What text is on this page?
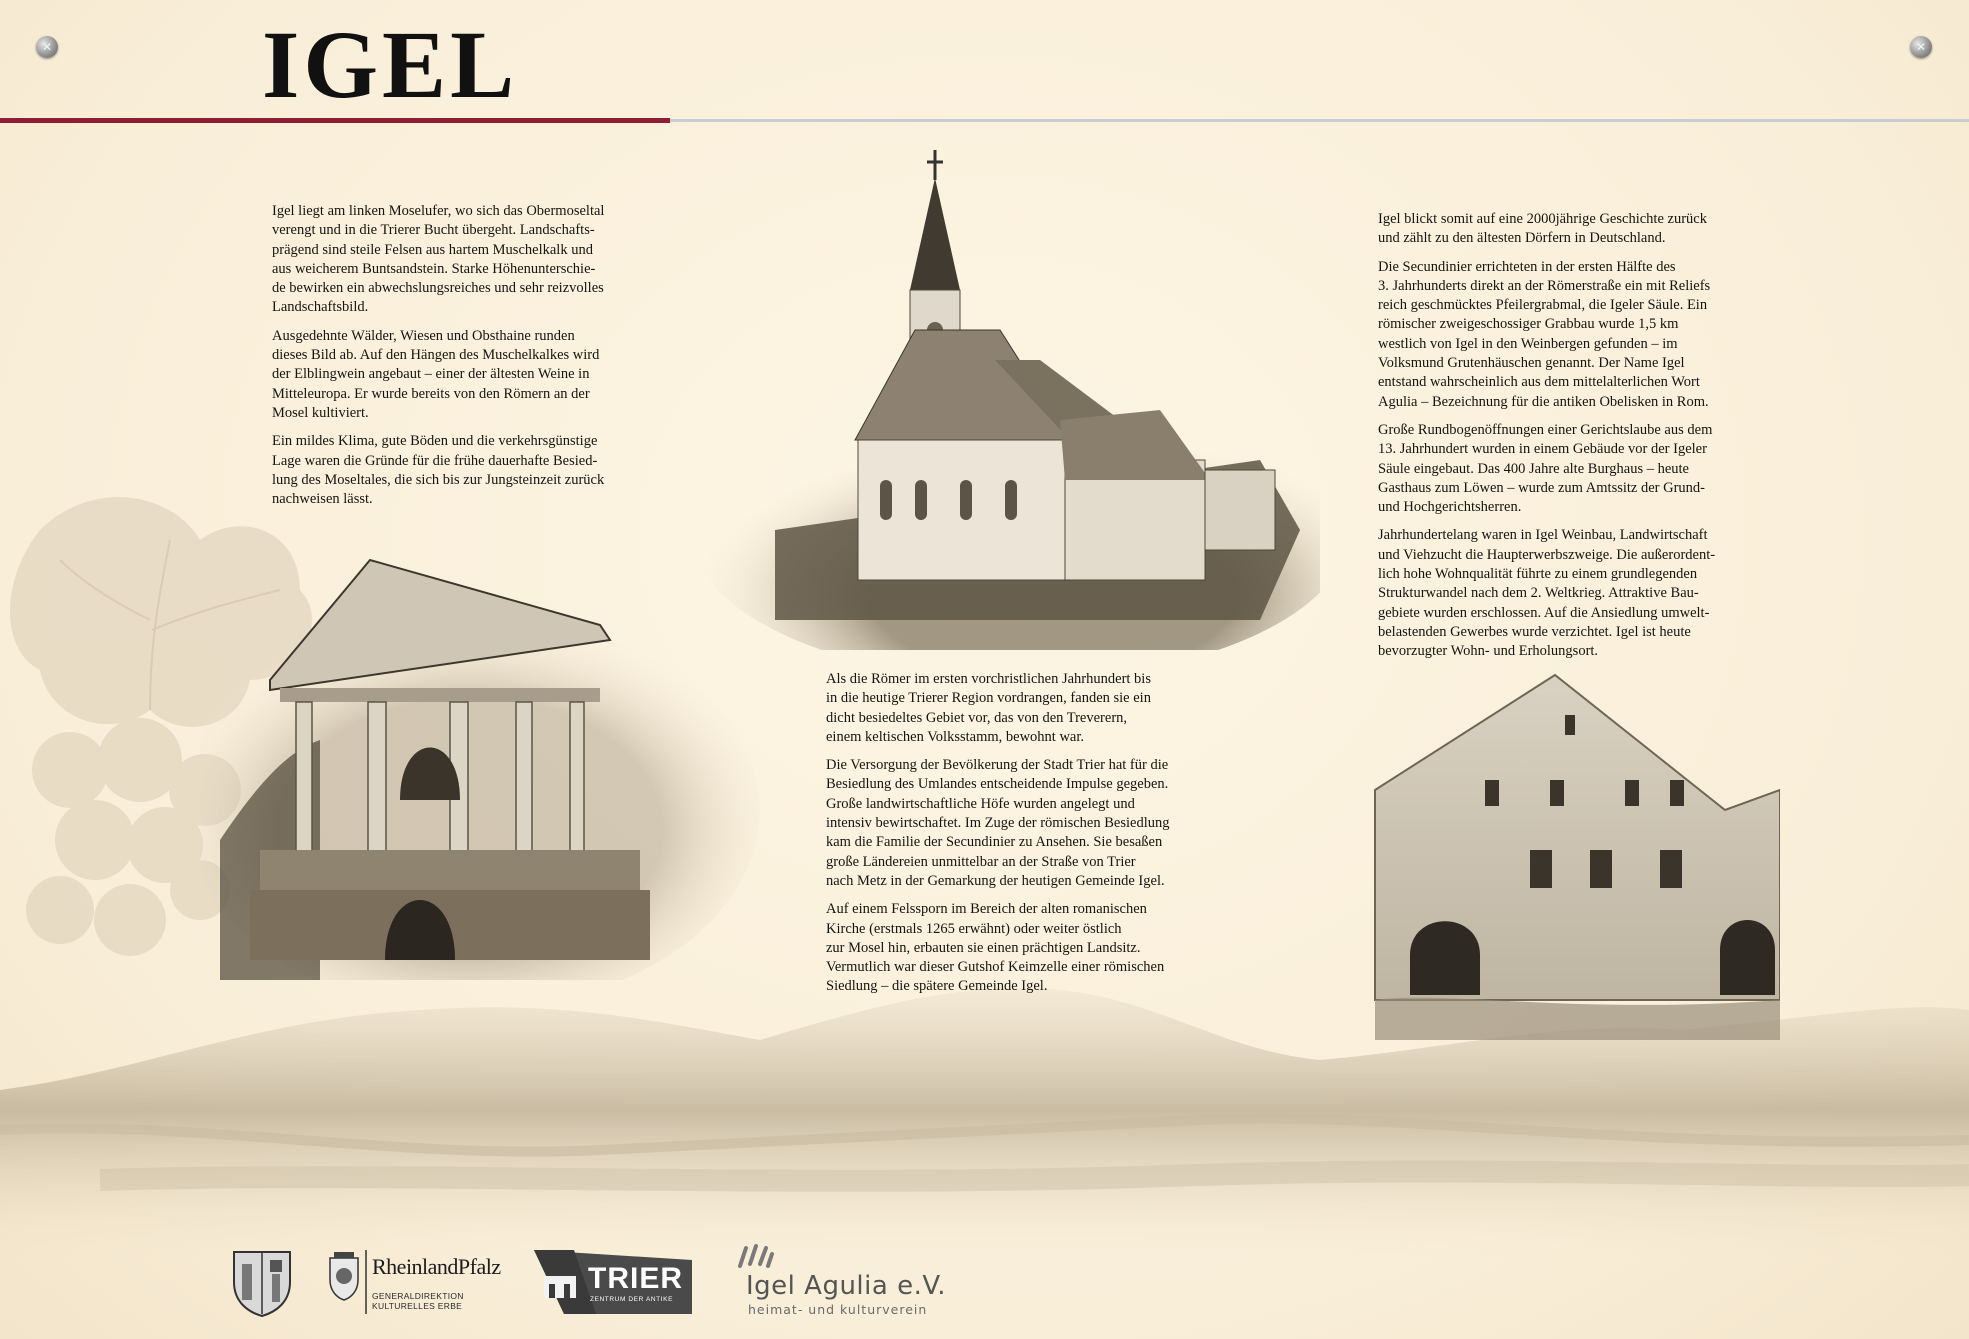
✕
✕
IGEL

Igel liegt am linken Moselufer, wo sich das Obermoseltal
verengt und in die Trierer Bucht übergeht. Landschafts-
prägend sind steile Felsen aus hartem Muschelkalk und
aus weicherem Buntsandstein. Starke Höhenunterschie-
de bewirken ein abwechslungsreiches und sehr reizvolles
Landschaftsbild.

Ausgedehnte Wälder, Wiesen und Obsthaine runden
dieses Bild ab. Auf den Hängen des Muschelkalkes wird
der Elblingwein angebaut – einer der ältesten Weine in
Mitteleuropa. Er wurde bereits von den Römern an der
Mosel kultiviert.

Ein mildes Klima, gute Böden und die verkehrsgünstige
Lage waren die Gründe für die frühe dauerhafte Besied-
lung des Moseltales, die sich bis zur Jungsteinzeit zurück
nachweisen lässt.

Als die Römer im ersten vorchristlichen Jahrhundert bis
in die heutige Trierer Region vordrangen, fanden sie ein
dicht besiedeltes Gebiet vor, das von den Treverern,
einem keltischen Volksstamm, bewohnt war.

Die Versorgung der Bevölkerung der Stadt Trier hat für die
Besiedlung des Umlandes entscheidende Impulse gegeben.
Große landwirtschaftliche Höfe wurden angelegt und
intensiv bewirtschaftet. Im Zuge der römischen Besiedlung
kam die Familie der Secundinier zu Ansehen. Sie besaßen
große Ländereien unmittelbar an der Straße von Trier
nach Metz in der Gemarkung der heutigen Gemeinde Igel.

Auf einem Felssporn im Bereich der alten romanischen
Kirche (erstmals 1265 erwähnt) oder weiter östlich
zur Mosel hin, erbauten sie einen prächtigen Landsitz.
Vermutlich war dieser Gutshof Keimzelle einer römischen
Siedlung – die spätere Gemeinde Igel.

Igel blickt somit auf eine 2000jährige Geschichte zurück
und zählt zu den ältesten Dörfern in Deutschland.

Die Secundinier errichteten in der ersten Hälfte des
3. Jahrhunderts direkt an der Römerstraße ein mit Reliefs
reich geschmücktes Pfeilergrabmal, die Igeler Säule. Ein
römischer zweigeschossiger Grabbau wurde 1,5 km
westlich von Igel in den Weinbergen gefunden – im
Volksmund Grutenhäuschen genannt. Der Name Igel
entstand wahrscheinlich aus dem mittelalterlichen Wort
Agulia – Bezeichnung für die antiken Obelisken in Rom.

Große Rundbogenöffnungen einer Gerichtslaube aus dem
13. Jahrhundert wurden in einem Gebäude vor der Igeler
Säule eingebaut. Das 400 Jahre alte Burghaus – heute
Gasthaus zum Löwen – wurde zum Amtssitz der Grund-
und Hochgerichtsherren.

Jahrhundertelang waren in Igel Weinbau, Landwirtschaft
und Viehzucht die Haupterwerbszweige. Die außerordent-
lich hohe Wohnqualität führte zu einem grundlegenden
Strukturwandel nach dem 2. Weltkrieg. Attraktive Bau-
gebiete wurden erschlossen. Auf die Ansiedlung umwelt-
belastenden Gewerbes wurde verzichtet. Igel ist heute
bevorzugter Wohn- und Erholungsort.

RheinlandPfalz
GENERALDIREKTION
KULTURELLES ERBE
TRIER
ZENTRUM DER ANTIKE	Igel Agulia e.V.
heimat- und kulturverein
